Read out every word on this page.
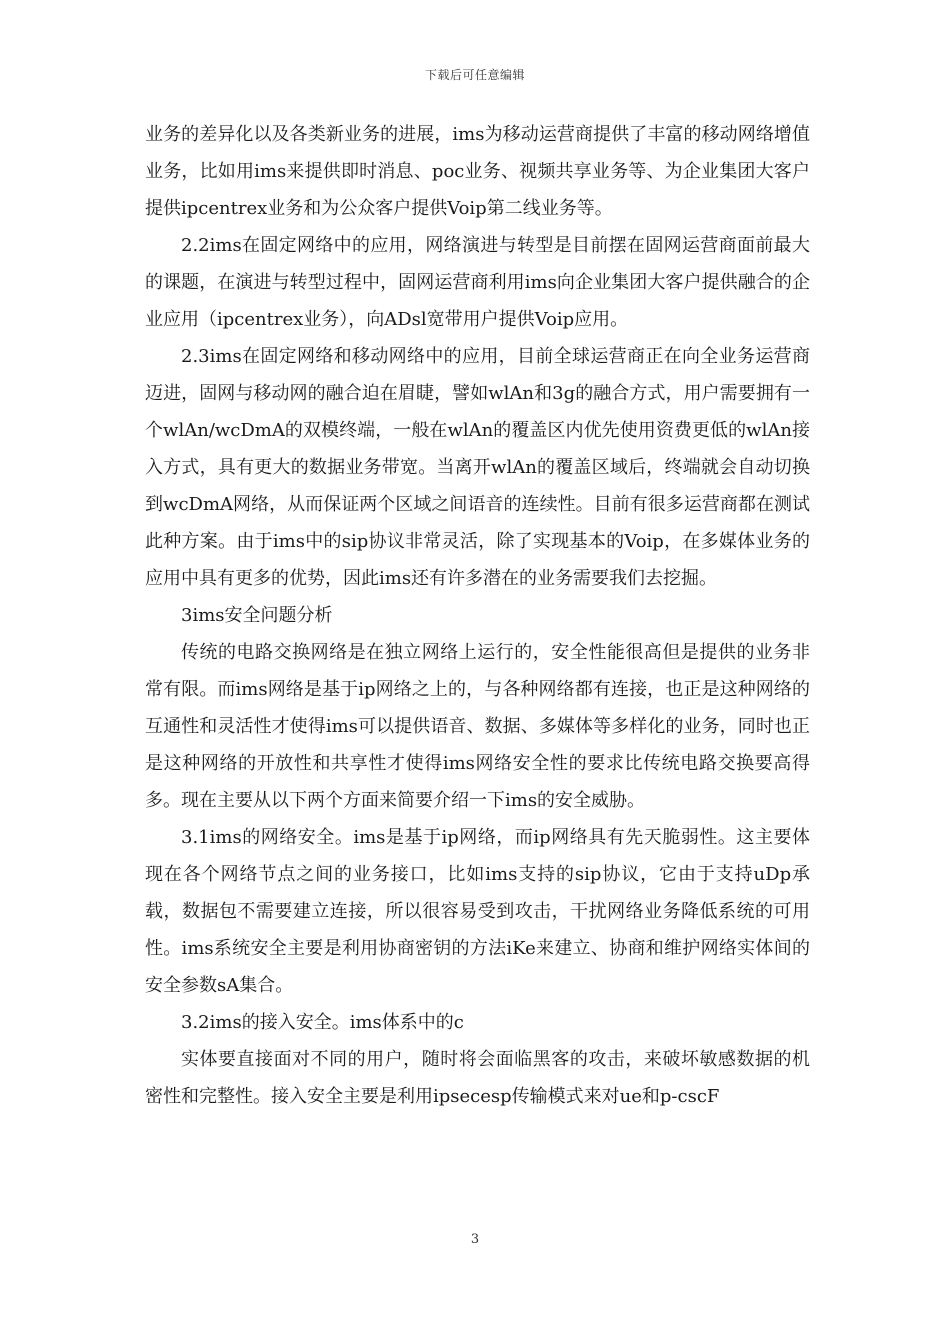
下载后可任意编辑

业务的差异化以及各类新业务的进展，ims为移动运营商提供了丰富的移动网络增值业务，比如用ims来提供即时消息、poc业务、视频共享业务等、为企业集团大客户提供ipcentrex业务和为公众客户提供Voip第二线业务等。

2.2ims在固定网络中的应用，网络演进与转型是目前摆在固网运营商面前最大的课题，在演进与转型过程中，固网运营商利用ims向企业集团大客户提供融合的企业应用（ipcentrex业务），向ADsl宽带用户提供Voip应用。

2.3ims在固定网络和移动网络中的应用，目前全球运营商正在向全业务运营商迈进，固网与移动网的融合迫在眉睫，譬如wlAn和3g的融合方式，用户需要拥有一个wlAn/wcDmA的双模终端，一般在wlAn的覆盖区内优先使用资费更低的wlAn接入方式，具有更大的数据业务带宽。当离开wlAn的覆盖区域后，终端就会自动切换到wcDmA网络，从而保证两个区域之间语音的连续性。目前有很多运营商都在测试此种方案。由于ims中的sip协议非常灵活，除了实现基本的Voip，在多媒体业务的应用中具有更多的优势，因此ims还有许多潜在的业务需要我们去挖掘。

3ims安全问题分析

传统的电路交换网络是在独立网络上运行的，安全性能很高但是提供的业务非常有限。而ims网络是基于ip网络之上的，与各种网络都有连接，也正是这种网络的互通性和灵活性才使得ims可以提供语音、数据、多媒体等多样化的业务，同时也正是这种网络的开放性和共享性才使得ims网络安全性的要求比传统电路交换要高得多。现在主要从以下两个方面来简要介绍一下ims的安全威胁。

3.1ims的网络安全。ims是基于ip网络，而ip网络具有先天脆弱性。这主要体现在各个网络节点之间的业务接口，比如ims支持的sip协议，它由于支持uDp承载，数据包不需要建立连接，所以很容易受到攻击，干扰网络业务降低系统的可用性。ims系统安全主要是利用协商密钥的方法iKe来建立、协商和维护网络实体间的安全参数sA集合。

3.2ims的接入安全。ims体系中的c

实体要直接面对不同的用户，随时将会面临黑客的攻击，来破坏敏感数据的机密性和完整性。接入安全主要是利用ipsecesp传输模式来对ue和p-cscF

3
